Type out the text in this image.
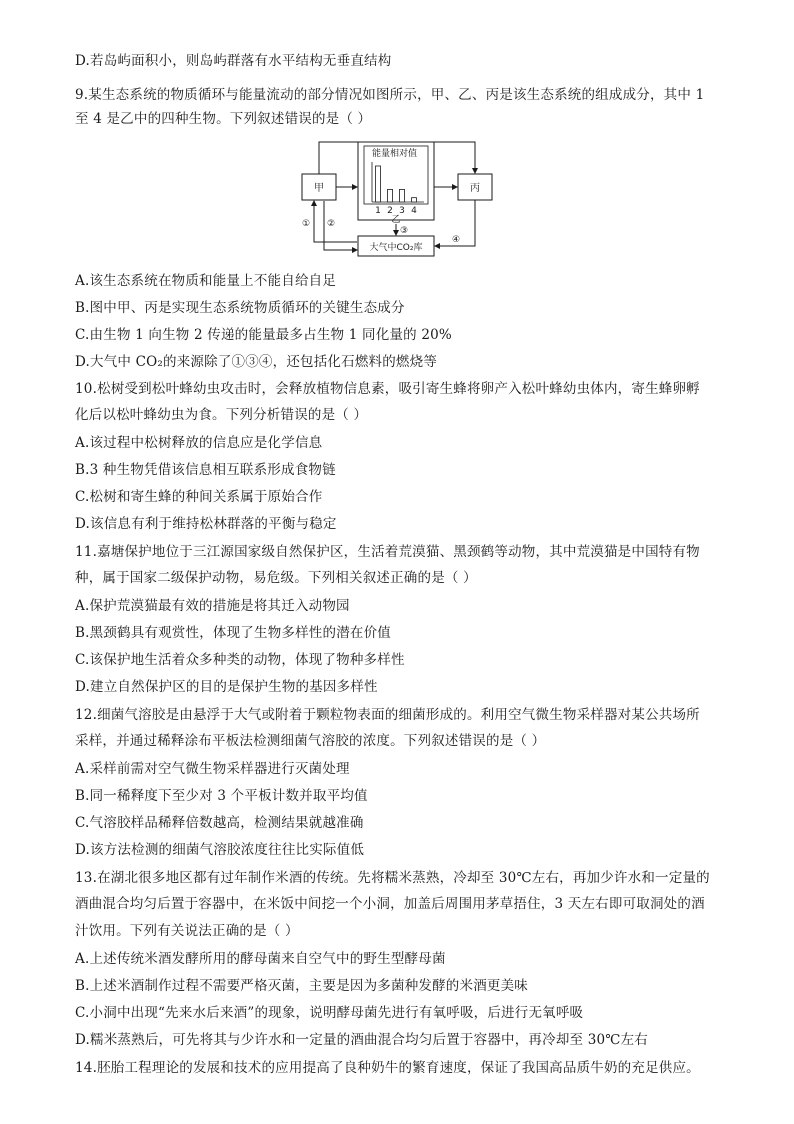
D.若岛屿面积小，则岛屿群落有水平结构无垂直结构
9.某生态系统的物质循环与能量流动的部分情况如图所示，甲、乙、丙是该生态系统的组成成分，其中 1
至 4 是乙中的四种生物。下列叙述错误的是（ ）
甲	丙
能量相对值
1 2 3 4
乙
大气中CO₂库
① ②
③
④
A.该生态系统在物质和能量上不能自给自足
B.图中甲、丙是实现生态系统物质循环的关键生态成分
C.由生物 1 向生物 2 传递的能量最多占生物 1 同化量的 20%
D.大气中 CO₂的来源除了①③④，还包括化石燃料的燃烧等
10.松树受到松叶蜂幼虫攻击时，会释放植物信息素，吸引寄生蜂将卵产入松叶蜂幼虫体内，寄生蜂卵孵
化后以松叶蜂幼虫为食。下列分析错误的是（ ）
A.该过程中松树释放的信息应是化学信息
B.3 种生物凭借该信息相互联系形成食物链
C.松树和寄生蜂的种间关系属于原始合作
D.该信息有利于维持松林群落的平衡与稳定
11.嘉塘保护地位于三江源国家级自然保护区，生活着荒漠猫、黑颈鹤等动物，其中荒漠猫是中国特有物
种，属于国家二级保护动物，易危级。下列相关叙述正确的是（ ）
A.保护荒漠猫最有效的措施是将其迁入动物园
B.黑颈鹤具有观赏性，体现了生物多样性的潜在价值
C.该保护地生活着众多种类的动物，体现了物种多样性
D.建立自然保护区的目的是保护生物的基因多样性
12.细菌气溶胶是由悬浮于大气或附着于颗粒物表面的细菌形成的。利用空气微生物采样器对某公共场所
采样，并通过稀释涂布平板法检测细菌气溶胶的浓度。下列叙述错误的是（ ）
A.采样前需对空气微生物采样器进行灭菌处理
B.同一稀释度下至少对 3 个平板计数并取平均值
C.气溶胶样品稀释倍数越高，检测结果就越准确
D.该方法检测的细菌气溶胶浓度往往比实际值低
13.在湖北很多地区都有过年制作米酒的传统。先将糯米蒸熟，冷却至 30℃左右，再加少许水和一定量的
酒曲混合均匀后置于容器中，在米饭中间挖一个小洞，加盖后周围用茅草捂住，3 天左右即可取洞处的酒
汁饮用。下列有关说法正确的是（ ）
A.上述传统米酒发酵所用的酵母菌来自空气中的野生型酵母菌
B.上述米酒制作过程不需要严格灭菌，主要是因为多菌种发酵的米酒更美味
C.小洞中出现“先来水后来酒”的现象，说明酵母菌先进行有氧呼吸，后进行无氧呼吸
D.糯米蒸熟后，可先将其与少许水和一定量的酒曲混合均匀后置于容器中，再冷却至 30℃左右
14.胚胎工程理论的发展和技术的应用提高了良种奶牛的繁育速度，保证了我国高品质牛奶的充足供应。
